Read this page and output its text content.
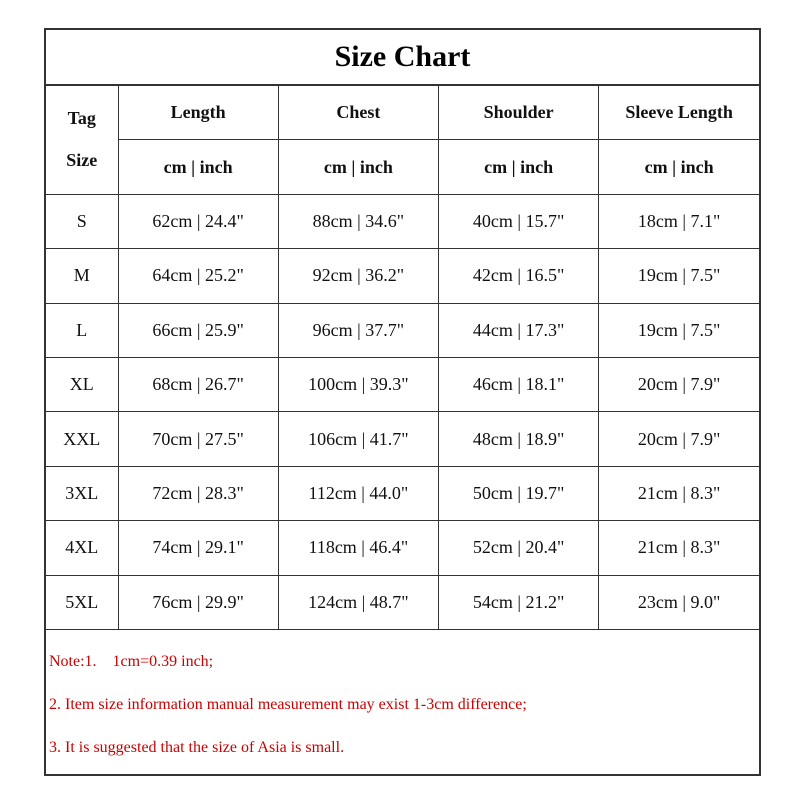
Size Chart
Tag

Size	Length	Chest	Shoulder	Sleeve Length
	cm | inch	cm | inch	cm | inch	cm | inch
S	62cm | 24.4"	88cm | 34.6"	40cm | 15.7"	18cm | 7.1"
M	64cm | 25.2"	92cm | 36.2"	42cm | 16.5"	19cm | 7.5"
L	66cm | 25.9"	96cm | 37.7"	44cm | 17.3"	19cm | 7.5"
XL	68cm | 26.7"	100cm | 39.3"	46cm | 18.1"	20cm | 7.9"
XXL	70cm | 27.5"	106cm | 41.7"	48cm | 18.9"	20cm | 7.9"
3XL	72cm | 28.3"	112cm | 44.0"	50cm | 19.7"	21cm | 8.3"
4XL	74cm | 29.1"	118cm | 46.4"	52cm | 20.4"	21cm | 8.3"
5XL	76cm | 29.9"	124cm | 48.7"	54cm | 21.2"	23cm | 9.0"
Note:1.    1cm=0.39 inch;
2. Item size information manual measurement may exist 1-3cm difference;
3. It is suggested that the size of Asia is small.
